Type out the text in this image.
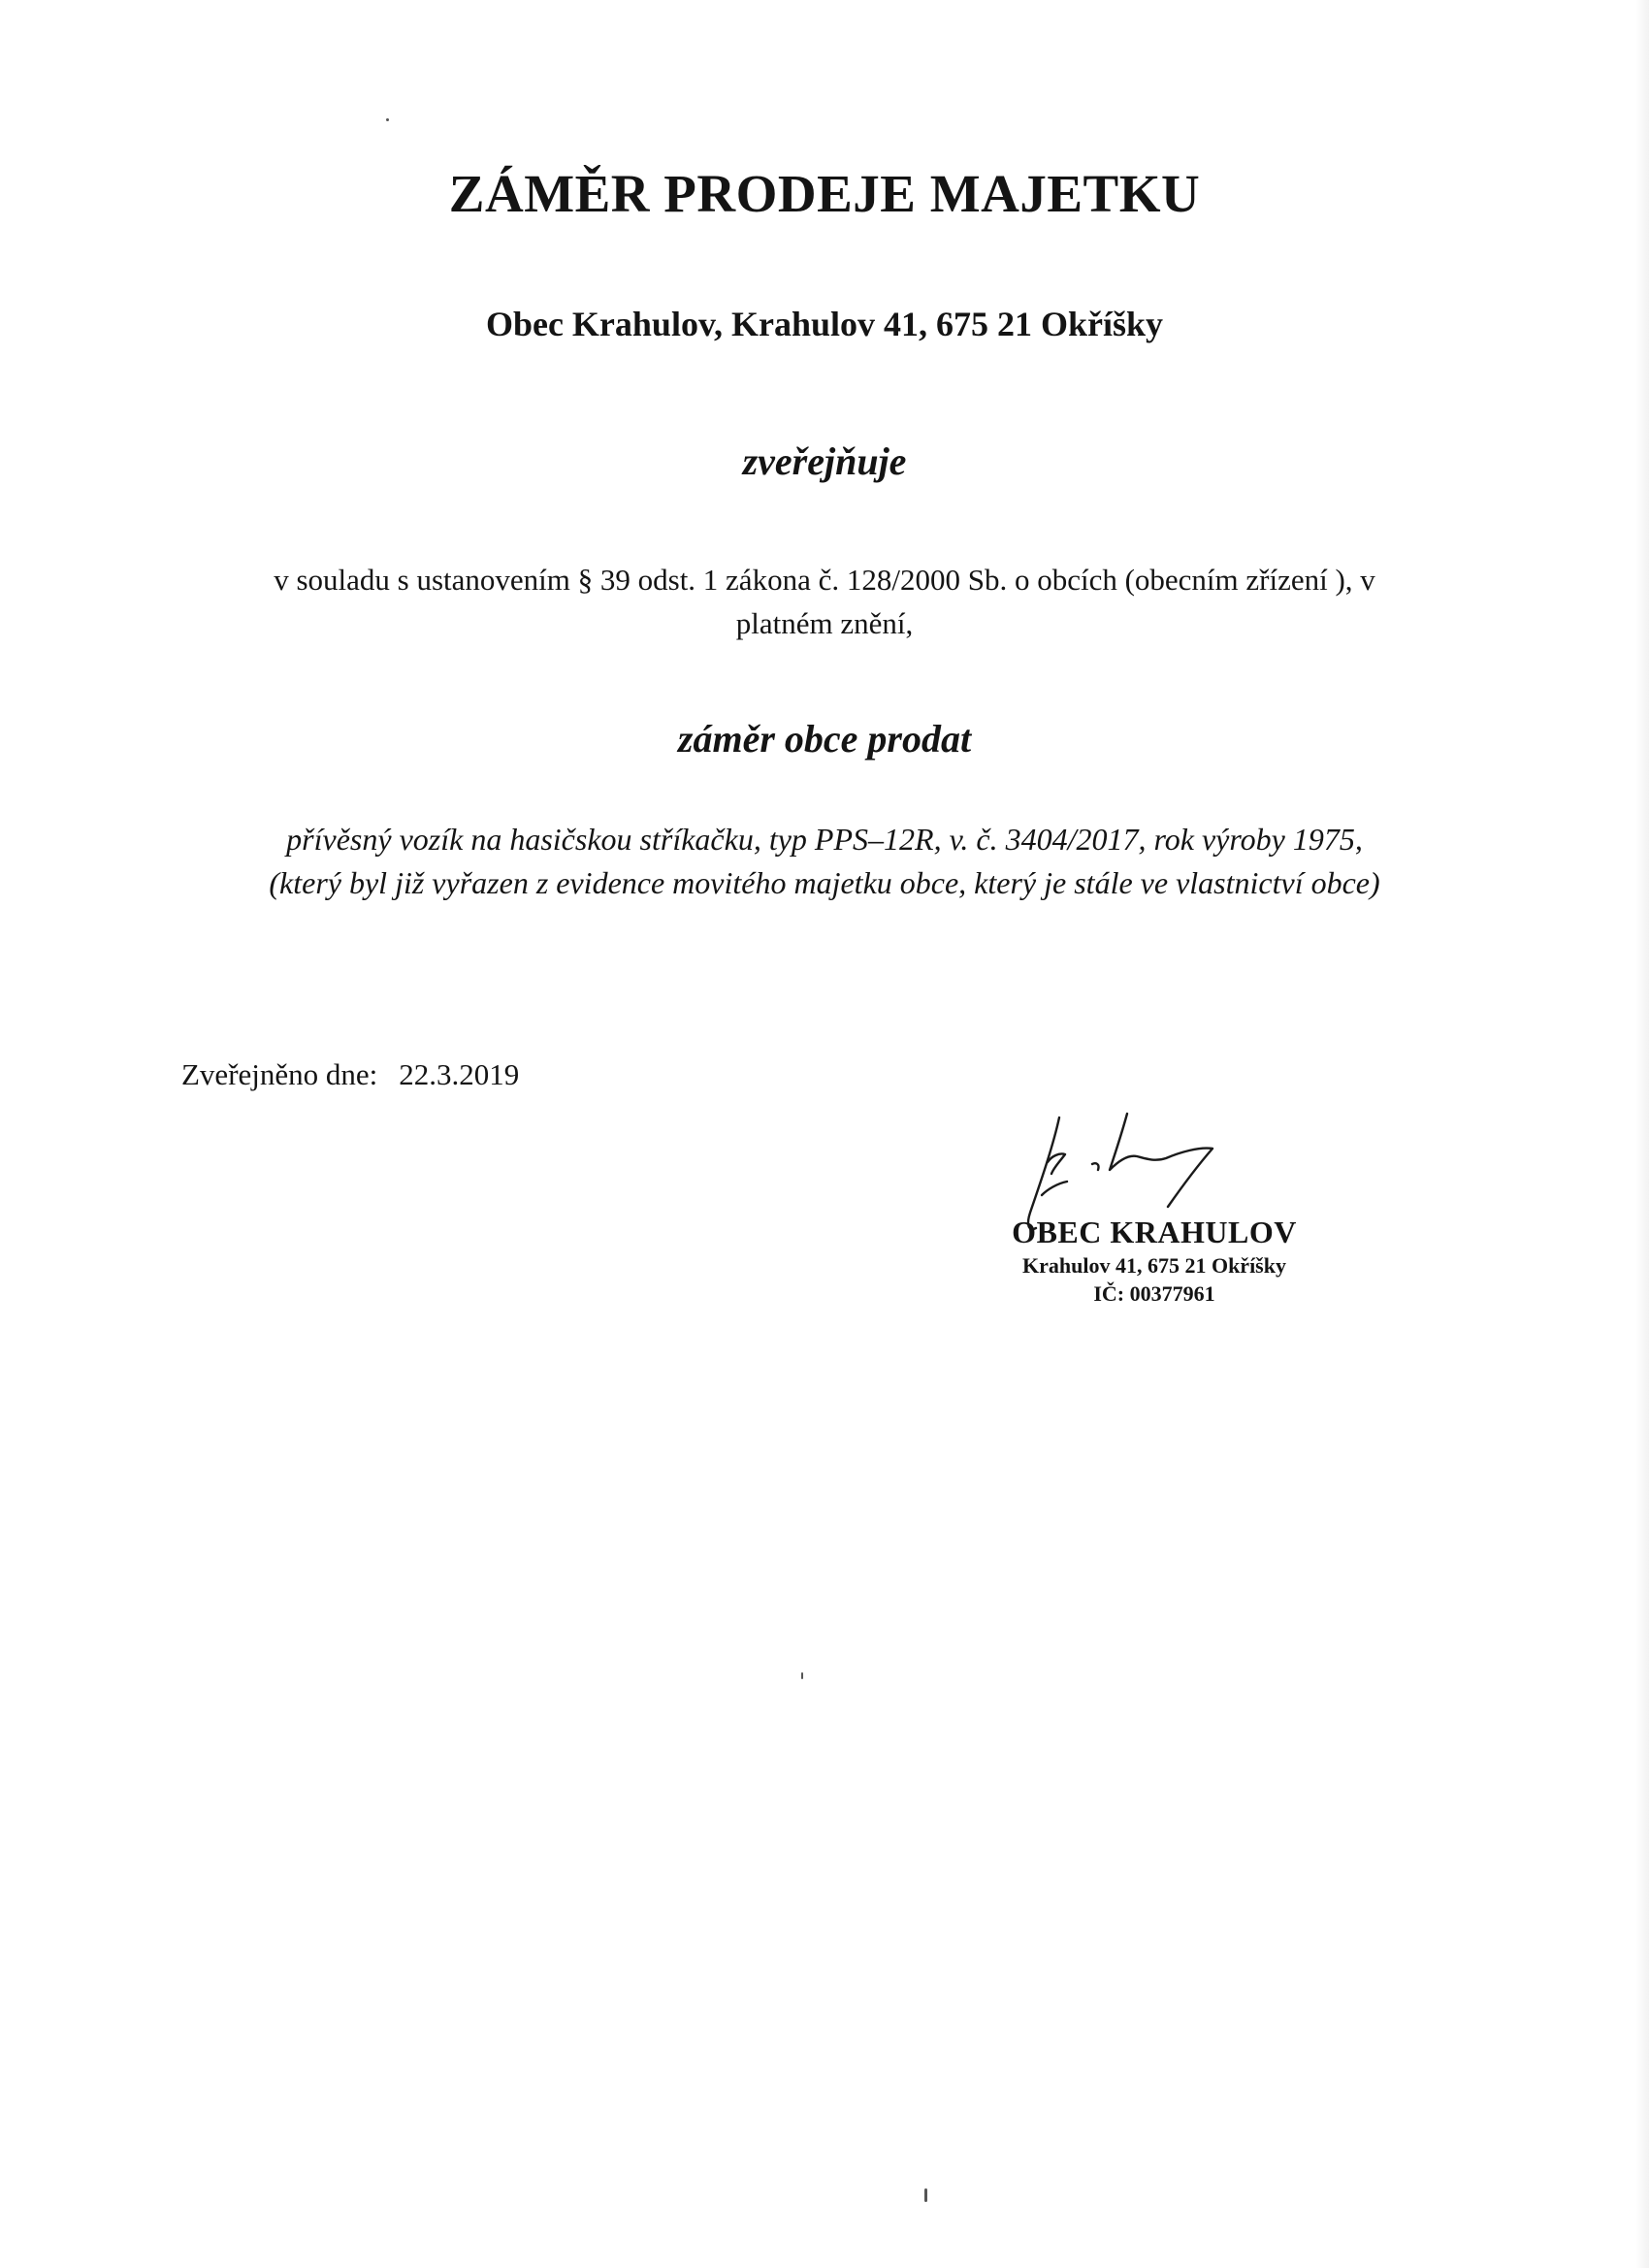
ZÁMĚR PRODEJE MAJETKU
Obec Krahulov, Krahulov 41, 675 21 Okříšky
zveřejňuje
v souladu s ustanovením § 39 odst. 1 zákona č. 128/2000 Sb. o obcích (obecním zřízení ), v
platném znění,
záměr obce prodat
přívěsný vozík na hasičskou stříkačku, typ PPS–12R, v. č. 3404/2017, rok výroby 1975,
(který byl již vyřazen z evidence movitého majetku obce, který je stále ve vlastnictví obce)
Zveřejněno dne: 22.3.2019
OBEC KRAHULOV
Krahulov 41, 675 21 Okříšky
IČ: 00377961
